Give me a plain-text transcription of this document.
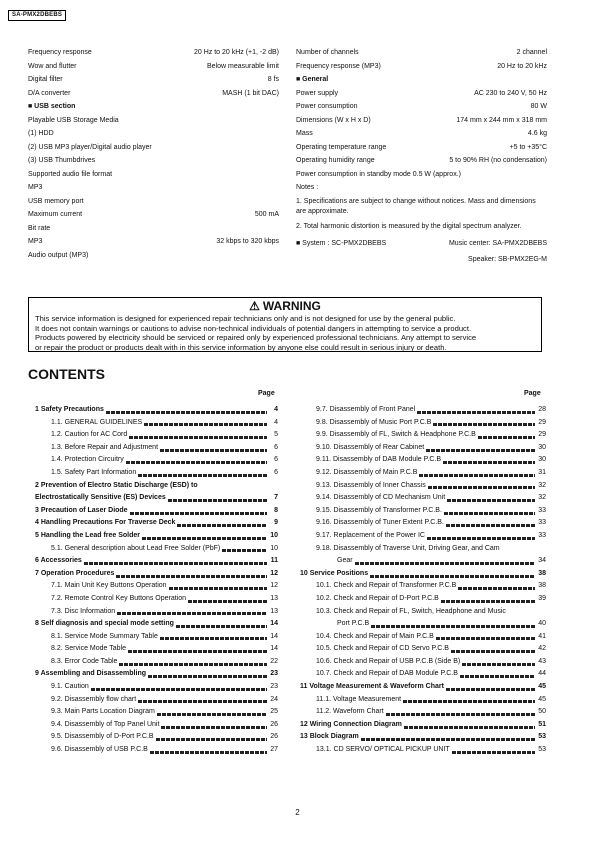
SA-PMX2DBEBS
Frequency response	20 Hz to 20 kHz (+1, -2 dB)
Wow and flutter	Below measurable limit
Digital filter	8 fs
D/A converter	MASH (1 bit DAC)
■ USB section
Playable USB Storage Media
(1) HDD
(2) USB MP3 player/Digital audio player
(3) USB Thumbdrives
Supported audio file format
MP3
USB memory port
Maximum current	500 mA
Bit rate
MP3	32 kbps to 320 kbps
Audio output (MP3)
Number of channels	2 channel
Frequency response (MP3)	20 Hz to 20 kHz
■ General
Power supply	AC 230 to 240 V, 50 Hz
Power consumption	80 W
Dimensions (W x H x D)	174 mm x 244 mm x 318 mm
Mass	4.6 kg
Operating temperature range	+5 to +35°C
Operating humidity range	5 to 90% RH (no condensation)
Power consumption in standby mode 0.5 W (approx.)
Notes :
1. Specifications are subject to change without notices. Mass and dimensions are approximate.
2. Total harmonic distortion is measured by the digital spectrum analyzer.
■ System : SC-PMX2DBEBS	Music center: SA-PMX2DBEBS
Speaker: SB-PMX2EG-M
⚠ WARNING
This service information is designed for experienced repair technicians only and is not designed for use by the general public.
It does not contain warnings or cautions to advise non-technical individuals of potential dangers in attempting to service a product.
Products powered by electricity should be serviced or repaired only by experienced professional technicians. Any attempt to service
or repair the product or products dealt with in this service information by anyone else could result in serious injury or death.
CONTENTS
Page	Page
1 Safety Precautions	4
1.1. GENERAL GUIDELINES	4
1.2. Caution for AC Cord	5
1.3. Before Repair and Adjustment	6
1.4. Protection Circuitry	6
1.5. Safety Part Information	6
2 Prevention of Electro Static Discharge (ESD) to
Electrostatically Sensitive (ES) Devices	7
3 Precaution of Laser Diode	8
4 Handling Precautions For Traverse Deck	9
5 Handling the Lead free Solder	10
5.1. General description about Lead Free Solder (PbF)	10
6 Accessories	11
7 Operation Procedures	12
7.1. Main Unit Key Buttons Operation	12
7.2. Remote Control Key Buttons Operation	13
7.3. Disc Information	13
8 Self diagnosis and special mode setting	14
8.1. Service Mode Summary Table	14
8.2. Service Mode Table	14
8.3. Error Code Table	22
9 Assembling and Disassembling	23
9.1. Caution	23
9.2. Disassembly flow chart	24
9.3. Main Parts Location Diagram	25
9.4. Disassembly of Top Panel Unit	26
9.5. Disassembly of D-Port P.C.B	26
9.6. Disassembly of USB P.C.B	27
9.7. Disassembly of Front Panel	28
9.8. Disassembly of Music Port P.C.B	29
9.9. Disassembly of FL, Switch & Headphone P.C.B	29
9.10. Disassembly of Rear Cabinet	30
9.11. Disassembly of DAB Module P.C.B	30
9.12. Disassembly of Main P.C.B	31
9.13. Disassembly of Inner Chassis	32
9.14. Disassembly of CD Mechanism Unit	32
9.15. Disassembly of Transformer P.C.B.	33
9.16. Disassembly of Tuner Extent P.C.B.	33
9.17. Replacement of the Power IC	33
9.18. Disassembly of Traverse Unit, Driving Gear, and Cam
Gear	34
10 Service Positions	38
10.1. Check and Repair of Transformer P.C.B	38
10.2. Check and Repair of D-Port P.C.B	39
10.3. Check and Repair of FL, Switch, Headphone and Music
Port P.C.B	40
10.4. Check and Repair of Main P.C.B	41
10.5. Check and Repair of CD Servo P.C.B	42
10.6. Check and Repair of USB P.C.B (Side B)	43
10.7. Check and Repair of DAB Module P.C.B	44
11 Voltage Measurement & Waveform Chart	45
11.1. Voltage Measurement	45
11.2. Waveform Chart	50
12 Wiring Connection Diagram	51
13 Block Diagram	53
13.1. CD SERVO/ OPTICAL PICKUP UNIT	53
2
